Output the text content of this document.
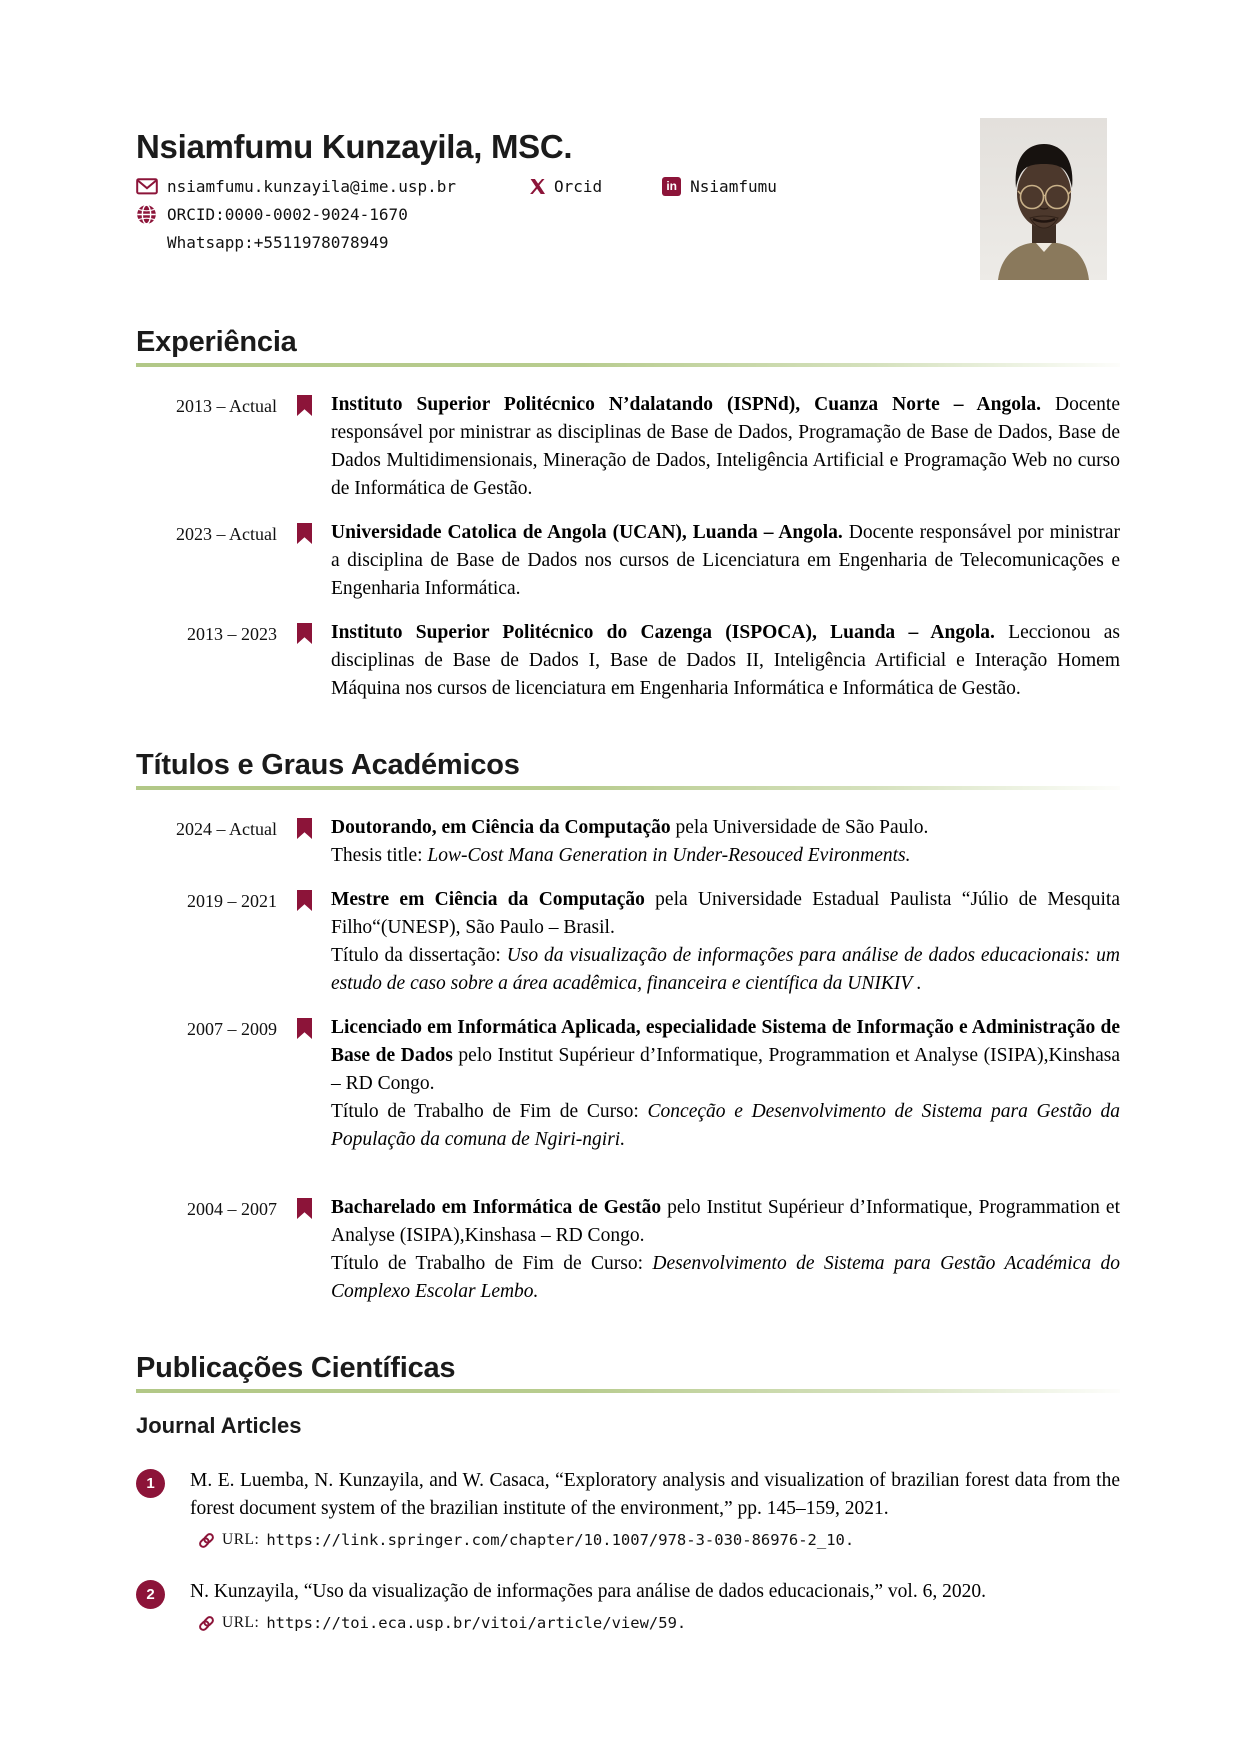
Nsiamfumu Kunzayila, MSC.
nsiamfumu.kunzayila@ime.usp.br	Orcid	in Nsiamfumu
ORCID:0000-0002-9024-1670
Whatsapp:+5511978078949
Experiência
2013 – Actual	Instituto Superior Politécnico N’dalatando (ISPNd), Cuanza Norte – Angola. Docente responsável por ministrar as disciplinas de Base de Dados, Programação de Base de Dados, Base de Dados Multidimensionais, Mineração de Dados, Inteligência Artificial e Programação Web no curso de Informática de Gestão.

2023 – Actual	Universidade Catolica de Angola (UCAN), Luanda – Angola. Docente responsável por ministrar a disciplina de Base de Dados nos cursos de Licenciatura em Engenharia de Telecomunicações e Engenharia Informática.

2013 – 2023	Instituto Superior Politécnico do Cazenga (ISPOCA), Luanda – Angola. Leccionou as disciplinas de Base de Dados I, Base de Dados II, Inteligência Artificial e Interação Homem Máquina nos cursos de licenciatura em Engenharia Informática e Informática de Gestão.

Títulos e Graus Académicos
2024 – Actual	Doutorando, em Ciência da Computação pela Universidade de São Paulo.

Thesis title: Low-Cost Mana Generation in Under-Resouced Evironments.

2019 – 2021	Mestre em Ciência da Computação pela Universidade Estadual Paulista “Júlio de Mesquita Filho“(UNESP), São Paulo – Brasil.

Título da dissertação: Uso da visualização de informações para análise de dados educacionais: um estudo de caso sobre a área acadêmica, financeira e científica da UNIKIV .

2007 – 2009	Licenciado em Informática Aplicada, especialidade Sistema de Informação e Administração de Base de Dados pelo Institut Supérieur d’Informatique, Programmation et Analyse (ISIPA),Kinshasa – RD Congo.

Título de Trabalho de Fim de Curso: Conceção e Desenvolvimento de Sistema para Gestão da População da comuna de Ngiri-ngiri.

2004 – 2007	Bacharelado em Informática de Gestão pelo Institut Supérieur d’Informatique, Programmation et Analyse (ISIPA),Kinshasa – RD Congo.

Título de Trabalho de Fim de Curso: Desenvolvimento de Sistema para Gestão Académica do Complexo Escolar Lembo.

Publicações Científicas
Journal Articles
1	M. E. Luemba, N. Kunzayila, and W. Casaca, “Exploratory analysis and visualization of brazilian forest data from the forest document system of the brazilian institute of the environment,” pp. 145–159, 2021.

URL: https://link.springer.com/chapter/10.1007/978-3-030-86976-2_10.
2	N. Kunzayila, “Uso da visualização de informações para análise de dados educacionais,” vol. 6, 2020.

URL: https://toi.eca.usp.br/vitoi/article/view/59.
